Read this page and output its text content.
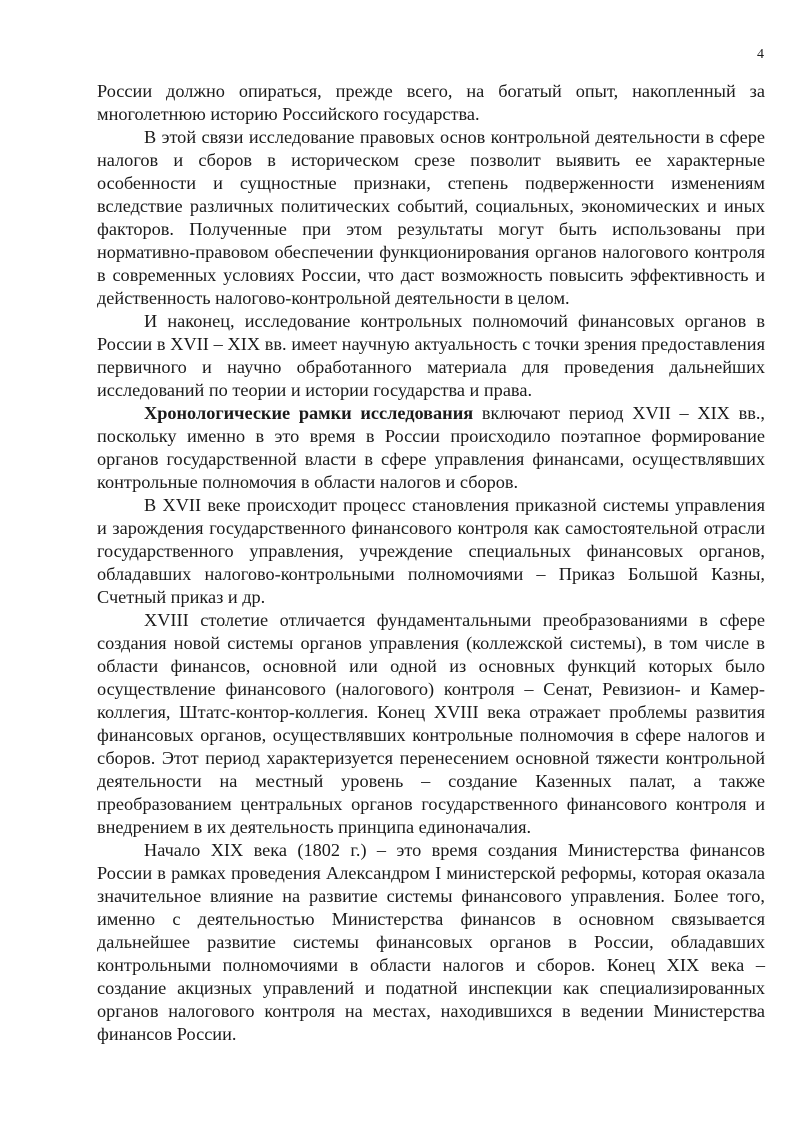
4

России должно опираться, прежде всего, на богатый опыт, накопленный за многолетнюю историю Российского государства.

В этой связи исследование правовых основ контрольной деятельности в сфере налогов и сборов в историческом срезе позволит выявить ее характерные особенности и сущностные признаки, степень подверженности изменениям вследствие различных политических событий, социальных, экономических и иных факторов. Полученные при этом результаты могут быть использованы при нормативно-правовом обеспечении функционирования органов налогового контроля в современных условиях России, что даст возможность повысить эффективность и действенность налогово-контрольной деятельности в целом.

И наконец, исследование контрольных полномочий финансовых органов в России в XVII – XIX вв. имеет научную актуальность с точки зрения предоставления первичного и научно обработанного материала для проведения дальнейших исследований по теории и истории государства и права.

Хронологические рамки исследования включают период XVII – XIX вв., поскольку именно в это время в России происходило поэтапное формирование органов государственной власти в сфере управления финансами, осуществлявших контрольные полномочия в области налогов и сборов.

В XVII веке происходит процесс становления приказной системы управления и зарождения государственного финансового контроля как самостоятельной отрасли государственного управления, учреждение специальных финансовых органов, обладавших налогово-контрольными полномочиями – Приказ Большой Казны, Счетный приказ и др.

XVIII столетие отличается фундаментальными преобразованиями в сфере создания новой системы органов управления (коллежской системы), в том числе в области финансов, основной или одной из основных функций которых было осуществление финансового (налогового) контроля – Сенат, Ревизион- и Камер-коллегия, Штатс-контор-коллегия. Конец XVIII века отражает проблемы развития финансовых органов, осуществлявших контрольные полномочия в сфере налогов и сборов. Этот период характеризуется перенесением основной тяжести контрольной деятельности на местный уровень – создание Казенных палат, а также преобразованием центральных органов государственного финансового контроля и внедрением в их деятельность принципа единоначалия.

Начало XIX века (1802 г.) – это время создания Министерства финансов России в рамках проведения Александром I министерской реформы, которая оказала значительное влияние на развитие системы финансового управления. Более того, именно с деятельностью Министерства финансов в основном связывается дальнейшее развитие системы финансовых органов в России, обладавших контрольными полномочиями в области налогов и сборов. Конец XIX века – создание акцизных управлений и податной инспекции как специализированных органов налогового контроля на местах, находившихся в ведении Министерства финансов России.
